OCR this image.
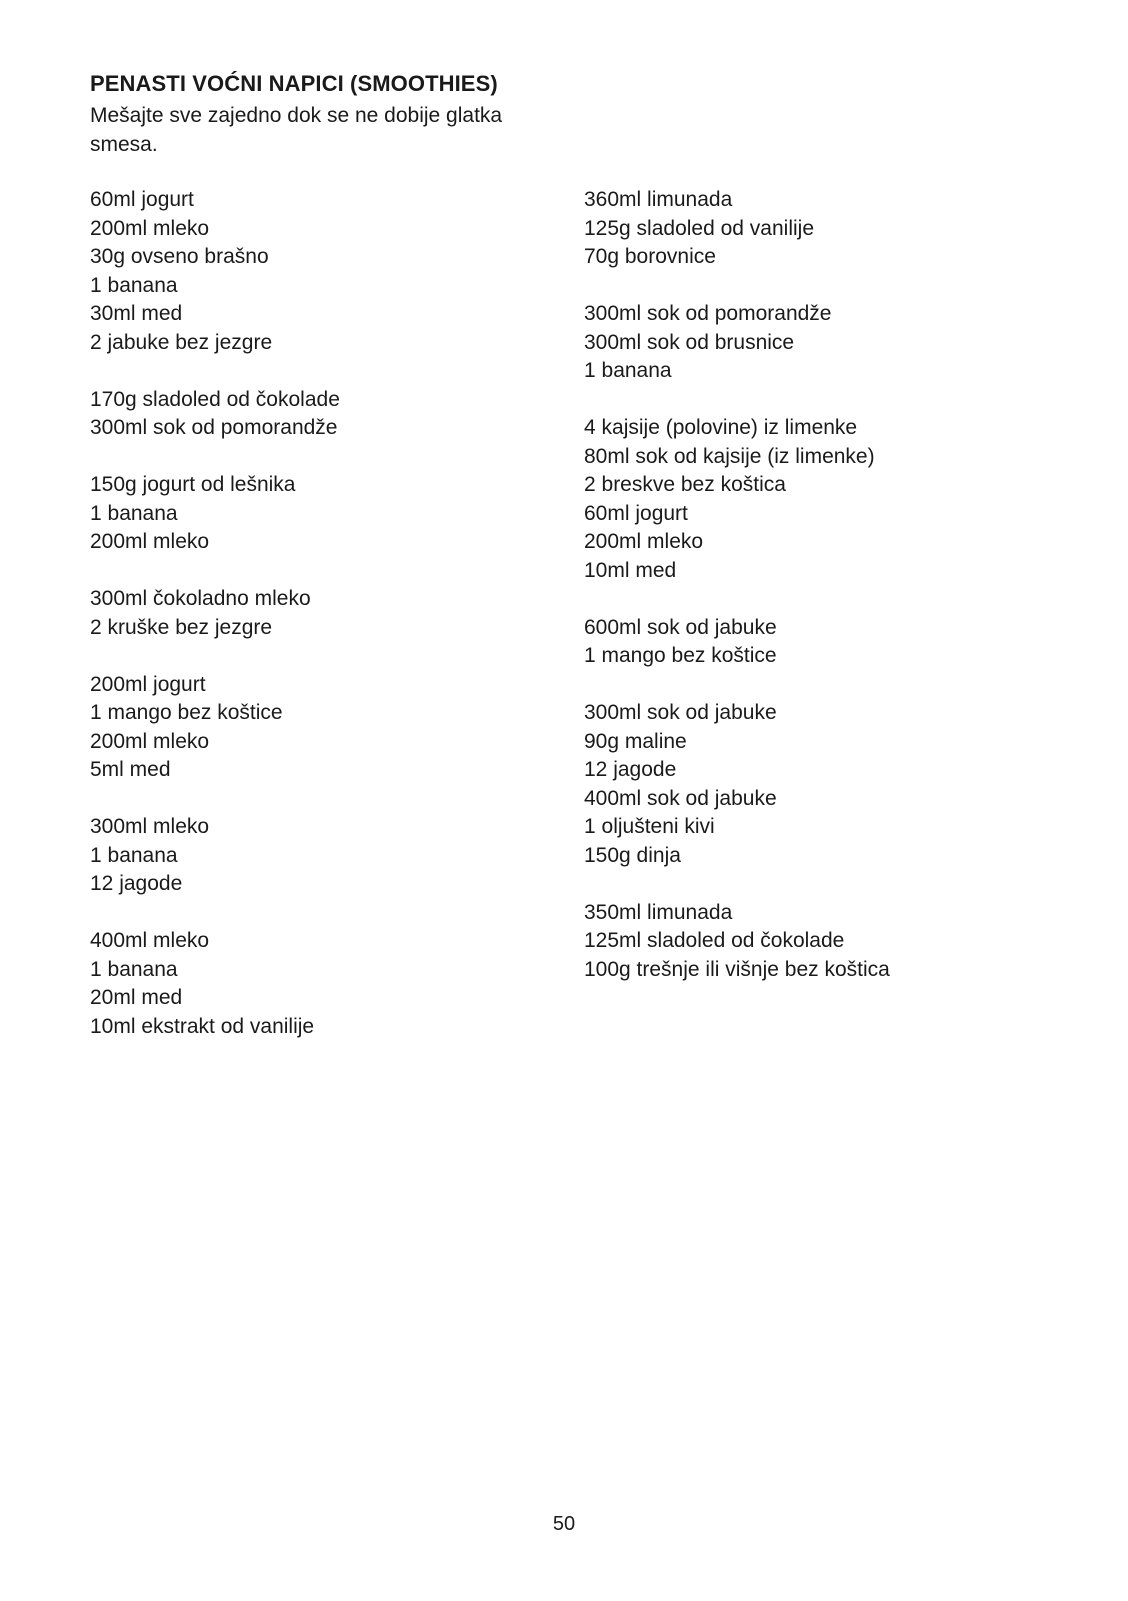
PENASTI VOĆNI NAPICI (SMOOTHIES)
Mešajte sve zajedno dok se ne dobije glatka smesa.
60ml jogurt
200ml mleko
30g ovseno brašno
1 banana
30ml med
2 jabuke bez jezgre
170g sladoled od čokolade
300ml sok od pomorandže
150g jogurt od lešnika
1 banana
200ml mleko
300ml čokoladno mleko
2 kruške bez jezgre
200ml jogurt
1 mango bez koštice
200ml mleko
5ml med
300ml mleko
1 banana
12 jagode
400ml mleko
1 banana
20ml med
10ml ekstrakt od vanilije
360ml limunada
125g sladoled od vanilije
70g borovnice
300ml sok od pomorandže
300ml sok od brusnice
1 banana
4 kajsije (polovine) iz limenke
80ml sok od kajsije (iz limenke)
2 breskve bez koštica
60ml jogurt
200ml mleko
10ml med
600ml sok od jabuke
1 mango bez koštice
300ml sok od jabuke
90g maline
12 jagode
400ml sok od jabuke
1 oljušteni kivi
150g dinja
350ml limunada
125ml sladoled od čokolade
100g trešnje ili višnje bez koštica
50
